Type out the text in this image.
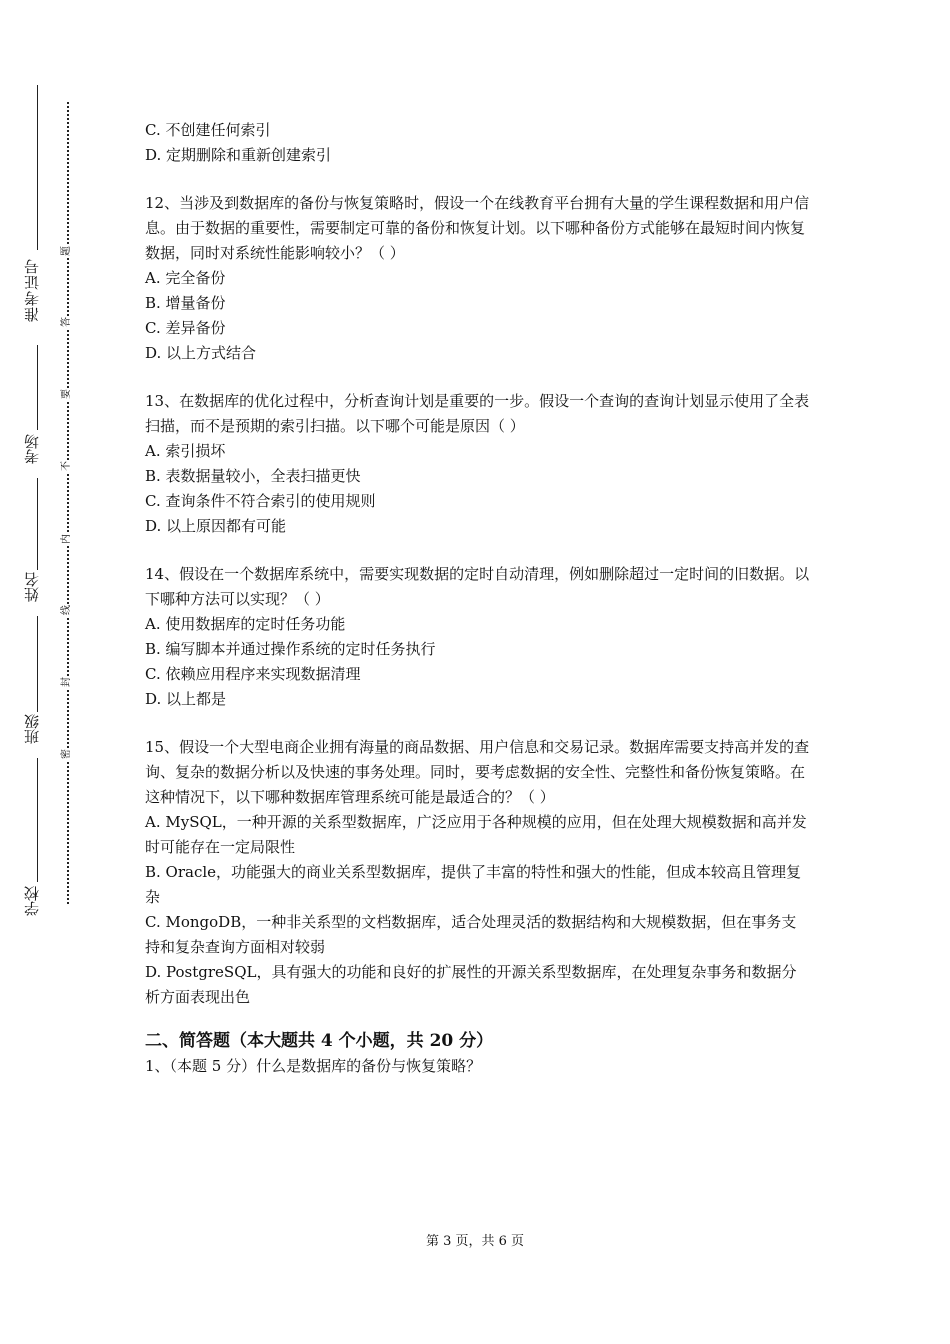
准考证号
考场
姓名
班级
学校
题
答
要
不
内
线
封
密
C. 不创建任何索引
D. 定期删除和重新创建索引
12、当涉及到数据库的备份与恢复策略时，假设一个在线教育平台拥有大量的学生课程数据和用户信息。由于数据的重要性，需要制定可靠的备份和恢复计划。以下哪种备份方式能够在最短时间内恢复数据，同时对系统性能影响较小？（ ）
A. 完全备份
B. 增量备份
C. 差异备份
D. 以上方式结合
13、在数据库的优化过程中，分析查询计划是重要的一步。假设一个查询的查询计划显示使用了全表扫描，而不是预期的索引扫描。以下哪个可能是原因（ ）
A. 索引损坏
B. 表数据量较小，全表扫描更快
C. 查询条件不符合索引的使用规则
D. 以上原因都有可能
14、假设在一个数据库系统中，需要实现数据的定时自动清理，例如删除超过一定时间的旧数据。以下哪种方法可以实现？（ ）
A. 使用数据库的定时任务功能
B. 编写脚本并通过操作系统的定时任务执行
C. 依赖应用程序来实现数据清理
D. 以上都是
15、假设一个大型电商企业拥有海量的商品数据、用户信息和交易记录。数据库需要支持高并发的查询、复杂的数据分析以及快速的事务处理。同时，要考虑数据的安全性、完整性和备份恢复策略。在这种情况下，以下哪种数据库管理系统可能是最适合的？（ ）
A. MySQL，一种开源的关系型数据库，广泛应用于各种规模的应用，但在处理大规模数据和高并发时可能存在一定局限性
B. Oracle，功能强大的商业关系型数据库，提供了丰富的特性和强大的性能，但成本较高且管理复杂
C. MongoDB，一种非关系型的文档数据库，适合处理灵活的数据结构和大规模数据，但在事务支持和复杂查询方面相对较弱
D. PostgreSQL，具有强大的功能和良好的扩展性的开源关系型数据库，在处理复杂事务和数据分析方面表现出色
二、简答题（本大题共 4 个小题，共 20 分）
1、（本题 5 分）什么是数据库的备份与恢复策略？
第 3 页，共 6 页
